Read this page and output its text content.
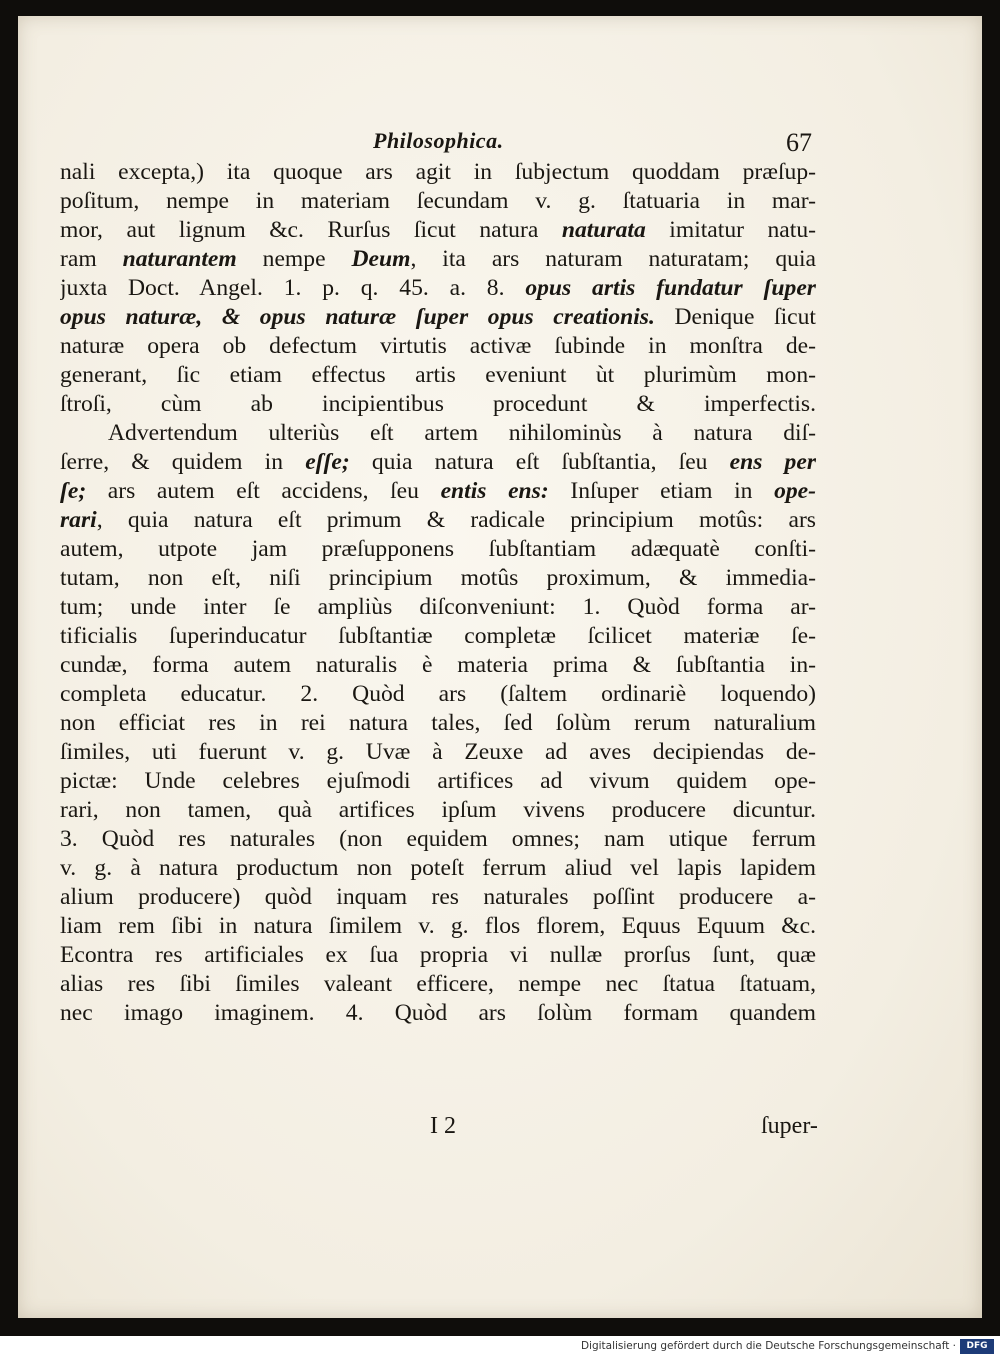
Philosophica.	67
nali excepta,) ita quoque ars agit in ſubjectum quoddam præſup-
poſitum, nempe in materiam ſecundam v. g. ſtatuaria in mar-
mor, aut lignum &c. Rurſus ſicut natura naturata imitatur natu-
ram naturantem nempe Deum, ita ars naturam naturatam; quia
juxta Doct. Angel. 1. p. q. 45. a. 8. opus artis fundatur ſuper
opus naturæ, & opus naturæ ſuper opus creationis. Denique ſicut
naturæ opera ob defectum virtutis activæ ſubinde in monſtra de-
generant, ſic etiam effectus artis eveniunt ùt plurimùm mon-
ſtroſi, cùm ab incipientibus procedunt & imperfectis.
Advertendum ulteriùs eſt artem nihilominùs à natura diſ-
ſerre, & quidem in eſſe; quia natura eſt ſubſtantia, ſeu ens per
ſe; ars autem eſt accidens, ſeu entis ens: Inſuper etiam in ope-
rari, quia natura eſt primum & radicale principium motûs: ars
autem, utpote jam præſupponens ſubſtantiam adæquatè conſti-
tutam, non eſt, niſi principium motûs proximum, & immedia-
tum; unde inter ſe ampliùs diſconveniunt: 1. Quòd forma ar-
tificialis ſuperinducatur ſubſtantiæ completæ ſcilicet materiæ ſe-
cundæ, forma autem naturalis è materia prima & ſubſtantia in-
completa educatur. 2. Quòd ars (ſaltem ordinariè loquendo)
non efficiat res in rei natura tales, ſed ſolùm rerum naturalium
ſimiles, uti fuerunt v. g. Uvæ à Zeuxe ad aves decipiendas de-
pictæ: Unde celebres ejuſmodi artifices ad vivum quidem ope-
rari, non tamen, quà artifices ipſum vivens producere dicuntur.
3. Quòd res naturales (non equidem omnes; nam utique ferrum
v. g. à natura productum non poteſt ferrum aliud vel lapis lapidem
alium producere) quòd inquam res naturales poſſint producere a-
liam rem ſibi in natura ſimilem v. g. flos florem, Equus Equum &c.
Econtra res artificiales ex ſua propria vi nullæ prorſus ſunt, quæ
alias res ſibi ſimiles valeant efficere, nempe nec ſtatua ſtatuam,
nec imago imaginem. 4. Quòd ars ſolùm formam quandem
I 2	ſuper-
Digitalisierung gefördert durch die Deutsche Forschungsgemeinschaft ·	DFG
